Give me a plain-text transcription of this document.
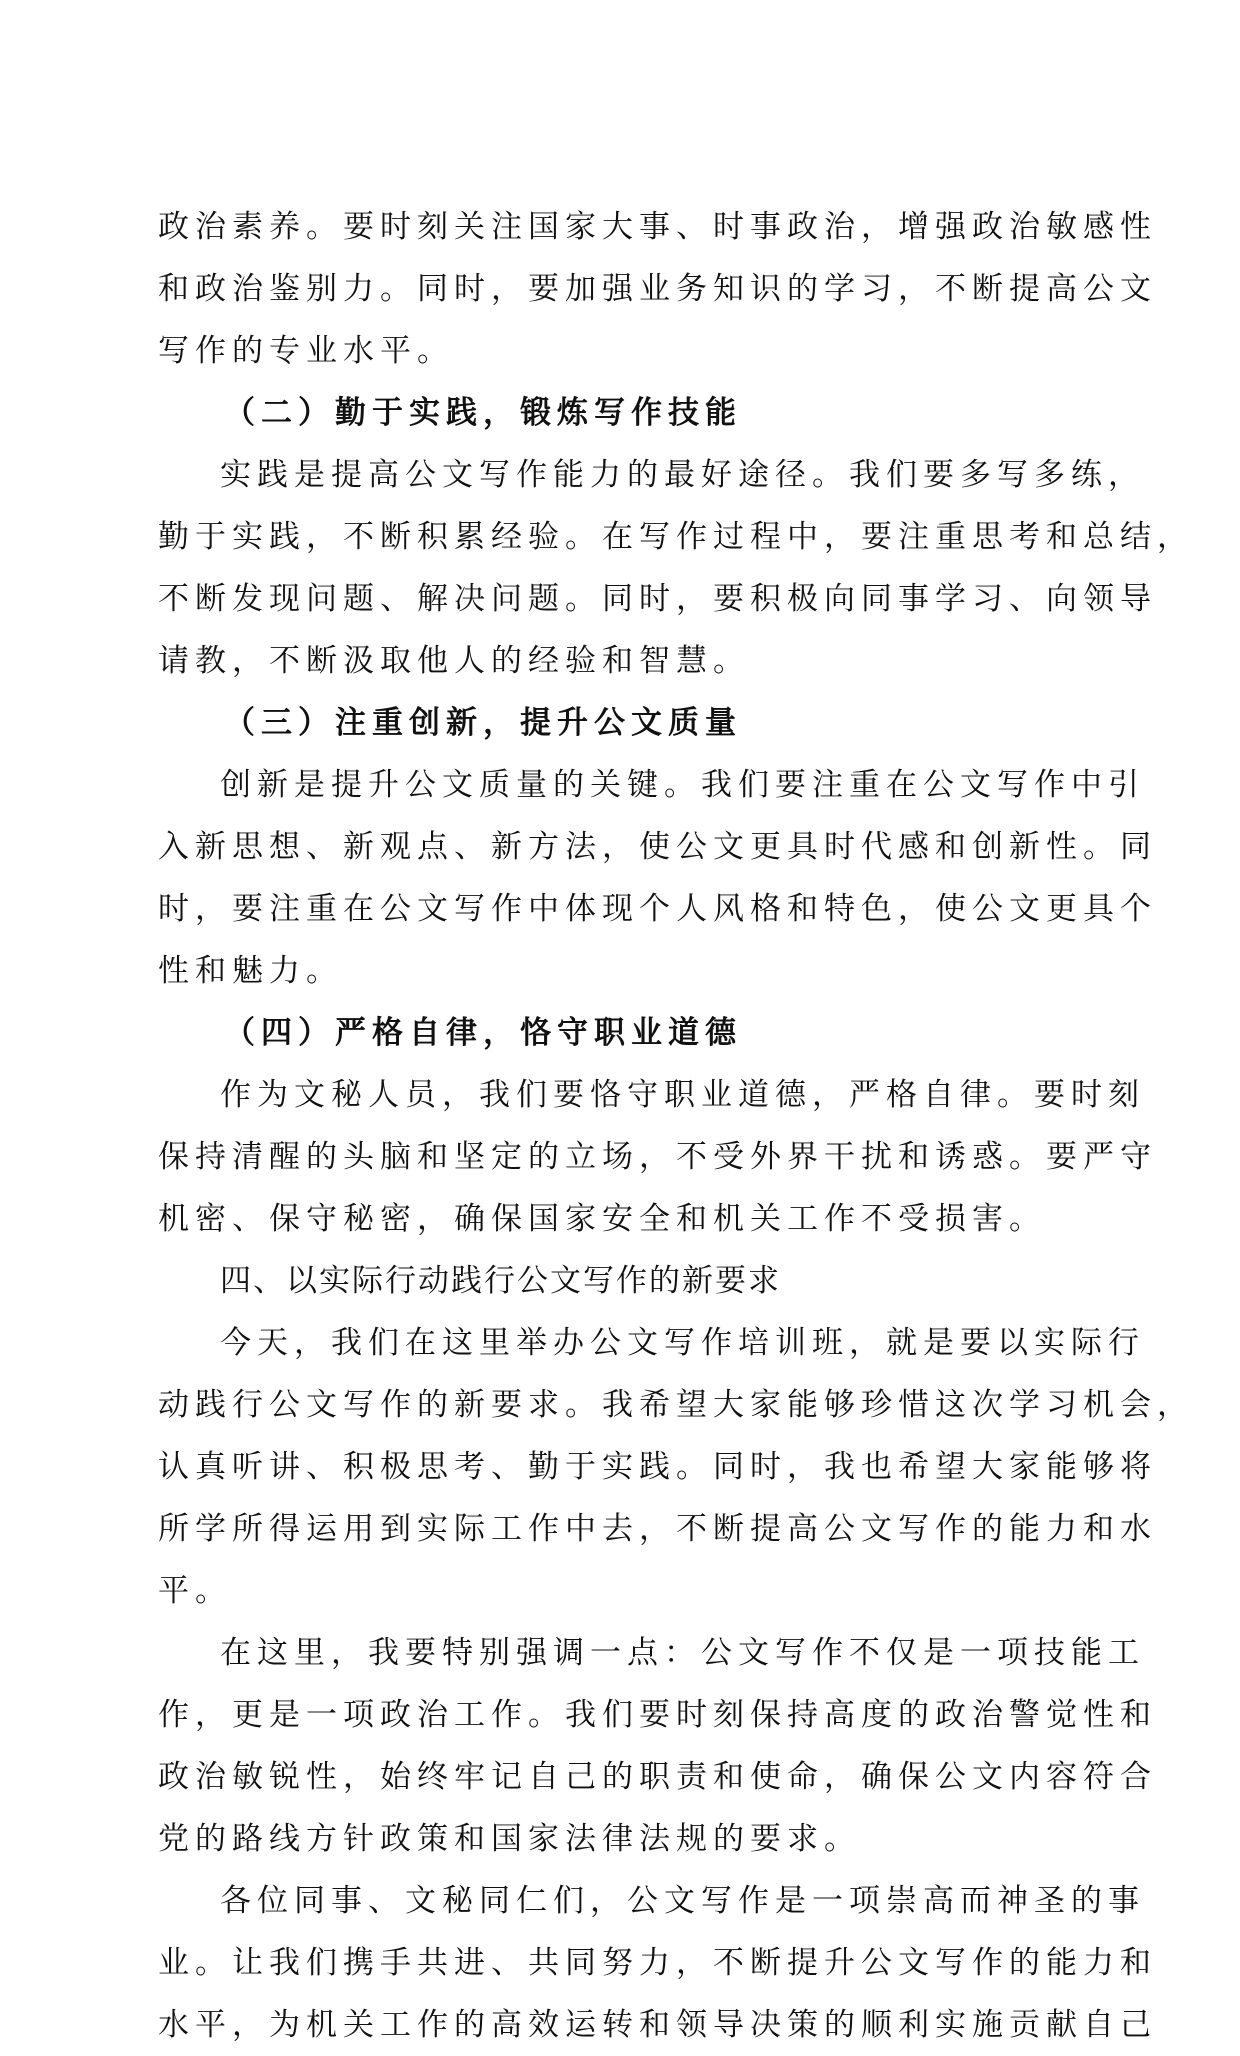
政治素养。要时刻关注国家大事、时事政治，增强政治敏感性
和政治鉴别力。同时，要加强业务知识的学习，不断提高公文
写作的专业水平。
（二）勤于实践，锻炼写作技能
实践是提高公文写作能力的最好途径。我们要多写多练，
勤于实践，不断积累经验。在写作过程中，要注重思考和总结，
不断发现问题、解决问题。同时，要积极向同事学习、向领导
请教，不断汲取他人的经验和智慧。
（三）注重创新，提升公文质量
创新是提升公文质量的关键。我们要注重在公文写作中引
入新思想、新观点、新方法，使公文更具时代感和创新性。同
时，要注重在公文写作中体现个人风格和特色，使公文更具个
性和魅力。
（四）严格自律，恪守职业道德
作为文秘人员，我们要恪守职业道德，严格自律。要时刻
保持清醒的头脑和坚定的立场，不受外界干扰和诱惑。要严守
机密、保守秘密，确保国家安全和机关工作不受损害。
四、以实际行动践行公文写作的新要求
今天，我们在这里举办公文写作培训班，就是要以实际行
动践行公文写作的新要求。我希望大家能够珍惜这次学习机会，
认真听讲、积极思考、勤于实践。同时，我也希望大家能够将
所学所得运用到实际工作中去，不断提高公文写作的能力和水
平。
在这里，我要特别强调一点：公文写作不仅是一项技能工
作，更是一项政治工作。我们要时刻保持高度的政治警觉性和
政治敏锐性，始终牢记自己的职责和使命，确保公文内容符合
党的路线方针政策和国家法律法规的要求。
各位同事、文秘同仁们，公文写作是一项崇高而神圣的事
业。让我们携手共进、共同努力，不断提升公文写作的能力和
水平，为机关工作的高效运转和领导决策的顺利实施贡献自己
